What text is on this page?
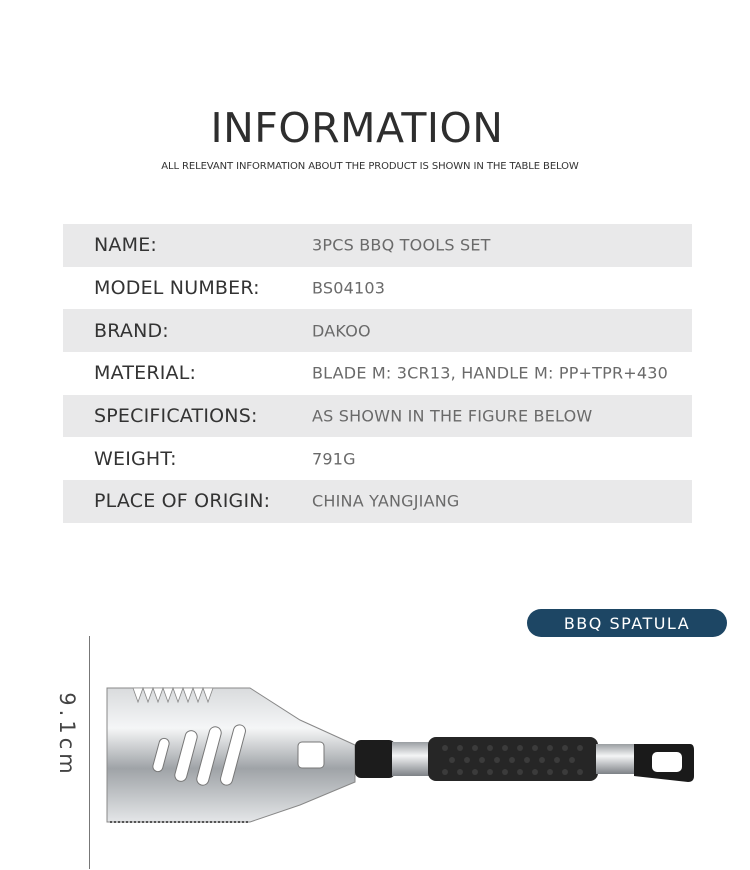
INFORMATION
ALL RELEVANT INFORMATION ABOUT THE PRODUCT IS SHOWN IN THE TABLE BELOW
NAME:	3PCS BBQ TOOLS SET
MODEL NUMBER:	BS04103
BRAND:	DAKOO
MATERIAL:	BLADE M: 3CR13, HANDLE M: PP+TPR+430
SPECIFICATIONS:	AS SHOWN IN THE FIGURE BELOW
WEIGHT:	791G
PLACE OF ORIGIN:	CHINA YANGJIANG
BBQ SPATULA
9.1cm
